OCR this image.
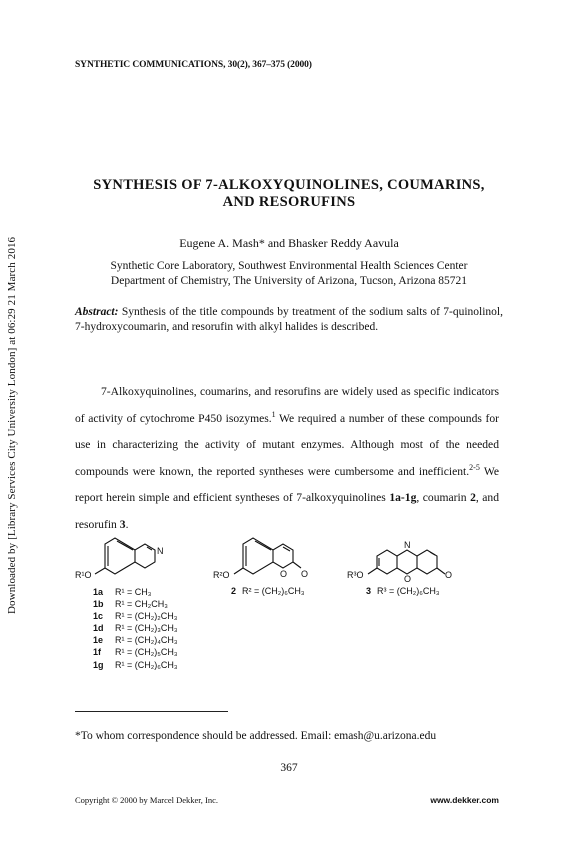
Downloaded by [Library Services City University London] at 06:29 21 March 2016
SYNTHETIC COMMUNICATIONS, 30(2), 367–375 (2000)
SYNTHESIS OF 7-ALKOXYQUINOLINES, COUMARINS,
AND RESORUFINS
Eugene A. Mash* and Bhasker Reddy Aavula
Synthetic Core Laboratory, Southwest Environmental Health Sciences Center
Department of Chemistry, The University of Arizona, Tucson, Arizona 85721
Abstract: Synthesis of the title compounds by treatment of the sodium salts of 7-quinolinol, 7-hydroxycoumarin, and resorufin with alkyl halides is described.
7-Alkoxyquinolines, coumarins, and resorufins are widely used as specific indicators of activity of cytochrome P450 isozymes.$^1$ We required a number of these compounds for use in characterizing the activity of mutant enzymes. Although most of the needed compounds were known, the reported syntheses were cumbersome and inefficient.$^{2-5}$ We report herein simple and efficient syntheses of 7-alkoxyquinolines 1a-1g, coumarin 2, and resorufin 3.
R¹O
N
R²O	O O
N
O
R³O	O
1a R¹ = CH₃
1b R¹ = CH₂CH₃
1c R¹ = (CH₂)₂CH₃
1d R¹ = (CH₂)₃CH₃
1e R¹ = (CH₂)₄CH₃
1f R¹ = (CH₂)₅CH₃
1g R¹ = (CH₂)₆CH₃
2 R² = (CH₂)₆CH₃	3 R³ = (CH₂)₆CH₃
*To whom correspondence should be addressed. Email: emash@u.arizona.edu
367
Copyright © 2000 by Marcel Dekker, Inc.	www.dekker.com
